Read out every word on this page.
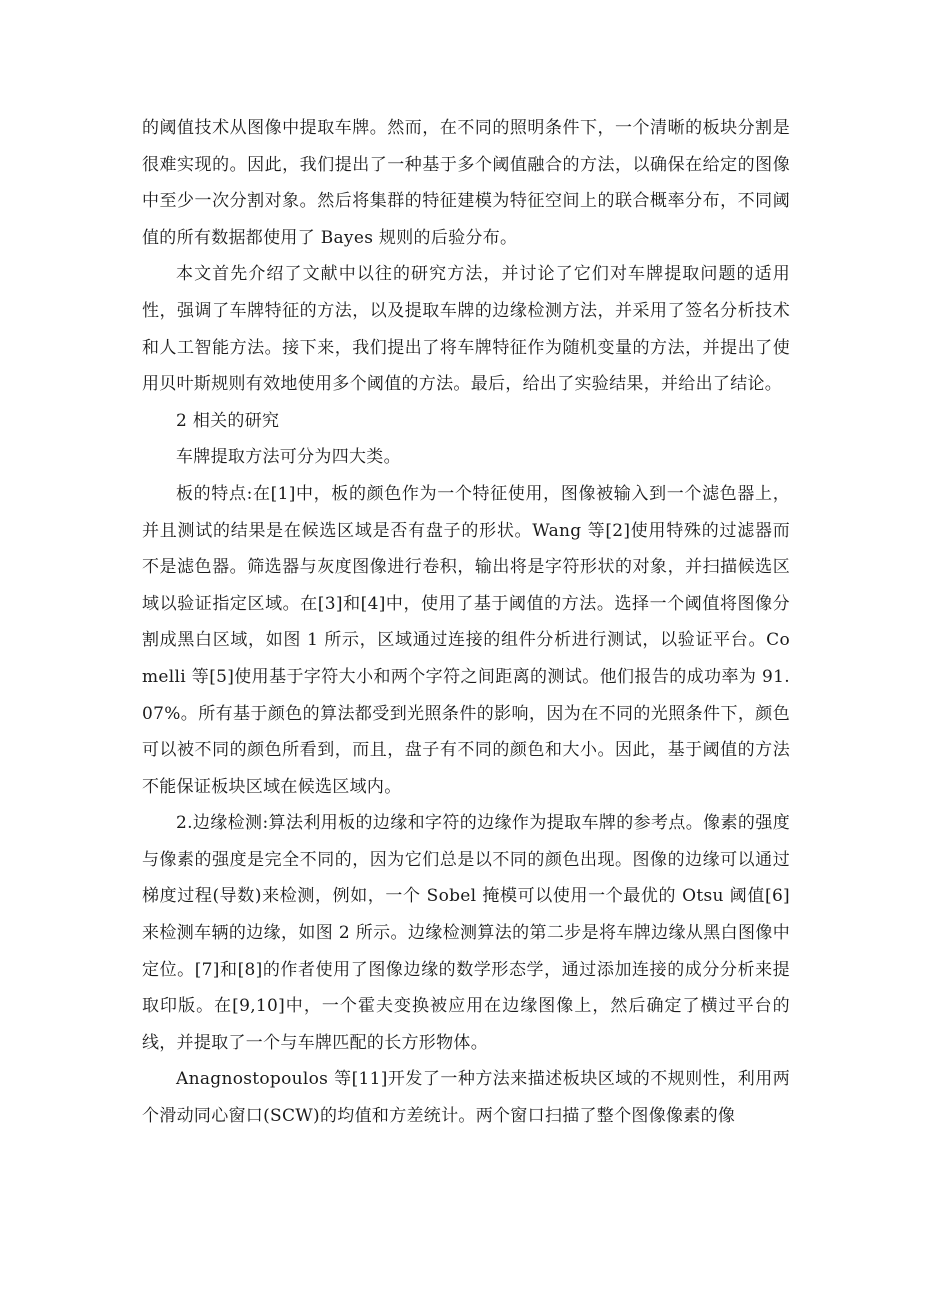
的阈值技术从图像中提取车牌。然而，在不同的照明条件下，一个清晰的板块分割是很难实现的。因此，我们提出了一种基于多个阈值融合的方法，以确保在给定的图像中至少一次分割对象。然后将集群的特征建模为特征空间上的联合概率分布，不同阈值的所有数据都使用了 Bayes 规则的后验分布。

本文首先介绍了文献中以往的研究方法，并讨论了它们对车牌提取问题的适用性，强调了车牌特征的方法，以及提取车牌的边缘检测方法，并采用了签名分析技术和人工智能方法。接下来，我们提出了将车牌特征作为随机变量的方法，并提出了使用贝叶斯规则有效地使用多个阈值的方法。最后，给出了实验结果，并给出了结论。

2 相关的研究

车牌提取方法可分为四大类。

板的特点:在[1]中，板的颜色作为一个特征使用，图像被输入到一个滤色器上，并且测试的结果是在候选区域是否有盘子的形状。Wang 等[2]使用特殊的过滤器而不是滤色器。筛选器与灰度图像进行卷积，输出将是字符形状的对象，并扫描候选区域以验证指定区域。在[3]和[4]中，使用了基于阈值的方法。选择一个阈值将图像分割成黑白区域，如图 1 所示，区域通过连接的组件分析进行测试，以验证平台。Comelli 等[5]使用基于字符大小和两个字符之间距离的测试。他们报告的成功率为 91.07%。所有基于颜色的算法都受到光照条件的影响，因为在不同的光照条件下，颜色可以被不同的颜色所看到，而且，盘子有不同的颜色和大小。因此，基于阈值的方法不能保证板块区域在候选区域内。

2.边缘检测:算法利用板的边缘和字符的边缘作为提取车牌的参考点。像素的强度与像素的强度是完全不同的，因为它们总是以不同的颜色出现。图像的边缘可以通过梯度过程(导数)来检测，例如，一个 Sobel 掩模可以使用一个最优的 Otsu 阈值[6]来检测车辆的边缘，如图 2 所示。边缘检测算法的第二步是将车牌边缘从黑白图像中定位。[7]和[8]的作者使用了图像边缘的数学形态学，通过添加连接的成分分析来提取印版。在[9,10]中，一个霍夫变换被应用在边缘图像上，然后确定了横过平台的线，并提取了一个与车牌匹配的长方形物体。

Anagnostopoulos 等[11]开发了一种方法来描述板块区域的不规则性，利用两个滑动同心窗口(SCW)的均值和方差统计。两个窗口扫描了整个图像像素的像
